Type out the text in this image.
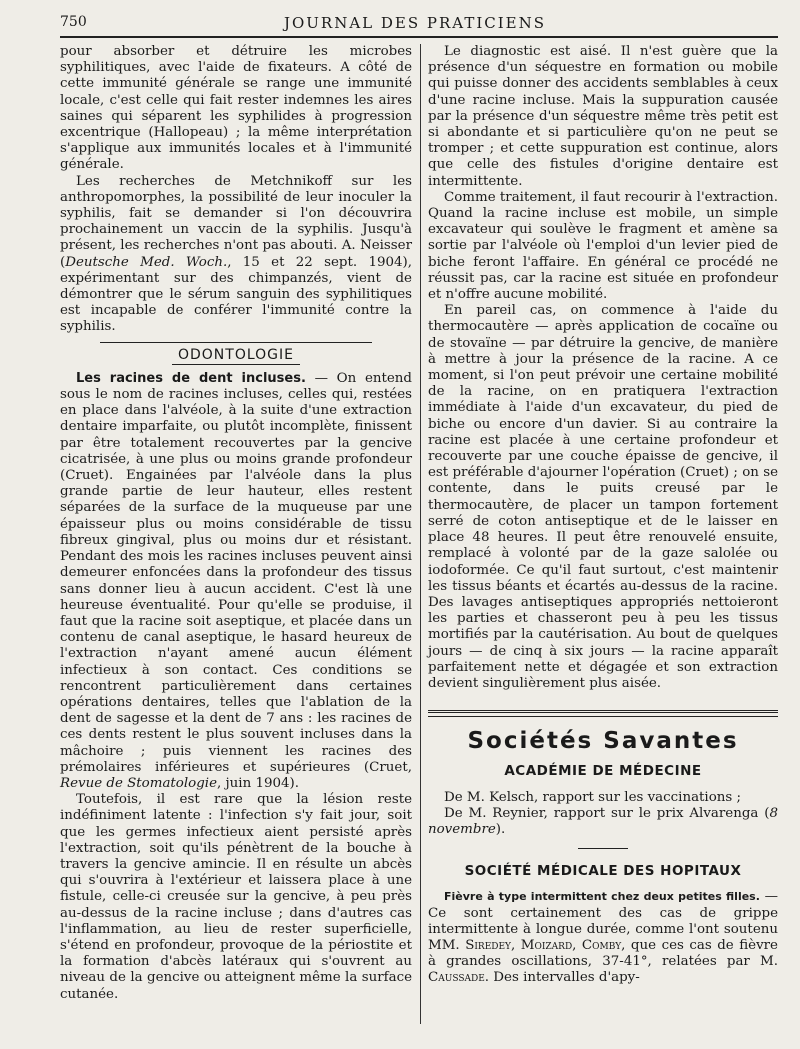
750	JOURNAL DES PRATICIENS

pour absorber et détruire les microbes syphilitiques, avec l'aide de fixateurs. A côté de cette immunité générale se range une immunité locale, c'est celle qui fait rester indemnes les aires saines qui séparent les syphilides à progression excentrique (Hallopeau) ; la même interprétation s'applique aux immunités locales et à l'immunité générale.

Les recherches de Metchnikoff sur les anthropomorphes, la possibilité de leur inoculer la syphilis, fait se demander si l'on découvrira prochainement un vaccin de la syphilis. Jusqu'à présent, les recherches n'ont pas abouti. A. Neisser (Deutsche Med. Woch., 15 et 22 sept. 1904), expérimentant sur des chimpanzés, vient de démontrer que le sérum sanguin des syphilitiques est incapable de conférer l'immunité contre la syphilis.

ODONTOLOGIE

Les racines de dent incluses. — On entend sous le nom de racines incluses, celles qui, restées en place dans l'alvéole, à la suite d'une extraction dentaire imparfaite, ou plutôt incomplète, finissent par être totalement recouvertes par la gencive cicatrisée, à une plus ou moins grande profondeur (Cruet). Engainées par l'alvéole dans la plus grande partie de leur hauteur, elles restent séparées de la surface de la muqueuse par une épaisseur plus ou moins considérable de tissu fibreux gingival, plus ou moins dur et résistant. Pendant des mois les racines incluses peuvent ainsi demeurer enfoncées dans la profondeur des tissus sans donner lieu à aucun accident. C'est là une heureuse éventualité. Pour qu'elle se produise, il faut que la racine soit aseptique, et placée dans un contenu de canal aseptique, le hasard heureux de l'extraction n'ayant amené aucun élément infectieux à son contact. Ces conditions se rencontrent particulièrement dans certaines opérations dentaires, telles que l'ablation de la dent de sagesse et la dent de 7 ans : les racines de ces dents restent le plus souvent incluses dans la mâchoire ; puis viennent les racines des prémolaires inférieures et supérieures (Cruet, Revue de Stomatologie, juin 1904).

Toutefois, il est rare que la lésion reste indéfiniment latente : l'infection s'y fait jour, soit que les germes infectieux aient persisté après l'extraction, soit qu'ils pénètrent de la bouche à travers la gencive amincie. Il en résulte un abcès qui s'ouvrira à l'extérieur et laissera place à une fistule, celle-ci creusée sur la gencive, à peu près au-dessus de la racine incluse ; dans d'autres cas l'inflammation, au lieu de rester superficielle, s'étend en profondeur, provoque de la périostite et la formation d'abcès latéraux qui s'ouvrent au niveau de la gencive ou atteignent même la surface cutanée.

Le diagnostic est aisé. Il n'est guère que la présence d'un séquestre en formation ou mobile qui puisse donner des accidents semblables à ceux d'une racine incluse. Mais la suppuration causée par la présence d'un séquestre même très petit est si abondante et si particulière qu'on ne peut se tromper ; et cette suppuration est continue, alors que celle des fistules d'origine dentaire est intermittente.

Comme traitement, il faut recourir à l'extraction. Quand la racine incluse est mobile, un simple excavateur qui soulève le fragment et amène sa sortie par l'alvéole où l'emploi d'un levier pied de biche feront l'affaire. En général ce procédé ne réussit pas, car la racine est située en profondeur et n'offre aucune mobilité.

En pareil cas, on commence à l'aide du thermocautère — après application de cocaïne ou de stovaïne — par détruire la gencive, de manière à mettre à jour la présence de la racine. A ce moment, si l'on peut prévoir une certaine mobilité de la racine, on en pratiquera l'extraction immédiate à l'aide d'un excavateur, du pied de biche ou encore d'un davier. Si au contraire la racine est placée à une certaine profondeur et recouverte par une couche épaisse de gencive, il est préférable d'ajourner l'opération (Cruet) ; on se contente, dans le puits creusé par le thermocautère, de placer un tampon fortement serré de coton antiseptique et de le laisser en place 48 heures. Il peut être renouvelé ensuite, remplacé à volonté par de la gaze salolée ou iodoformée. Ce qu'il faut surtout, c'est maintenir les tissus béants et écartés au-dessus de la racine. Des lavages antiseptiques appropriés nettoieront les parties et chasseront peu à peu les tissus mortifiés par la cautérisation. Au bout de quelques jours — de cinq à six jours — la racine apparaît parfaitement nette et dégagée et son extraction devient singulièrement plus aisée.

Sociétés Savantes
ACADÉMIE DE MÉDECINE

De M. Kelsch, rapport sur les vaccinations ;

De M. Reynier, rapport sur le prix Alvarenga (8 novembre).

SOCIÉTÉ MÉDICALE DES HOPITAUX

Fièvre à type intermittent chez deux petites filles. — Ce sont certainement des cas de grippe intermittente à longue durée, comme l'ont soutenu MM. Siredey, Moizard, Comby, que ces cas de fièvre à grandes oscillations, 37-41°, relatées par M. Caussade. Des intervalles d'apy-
